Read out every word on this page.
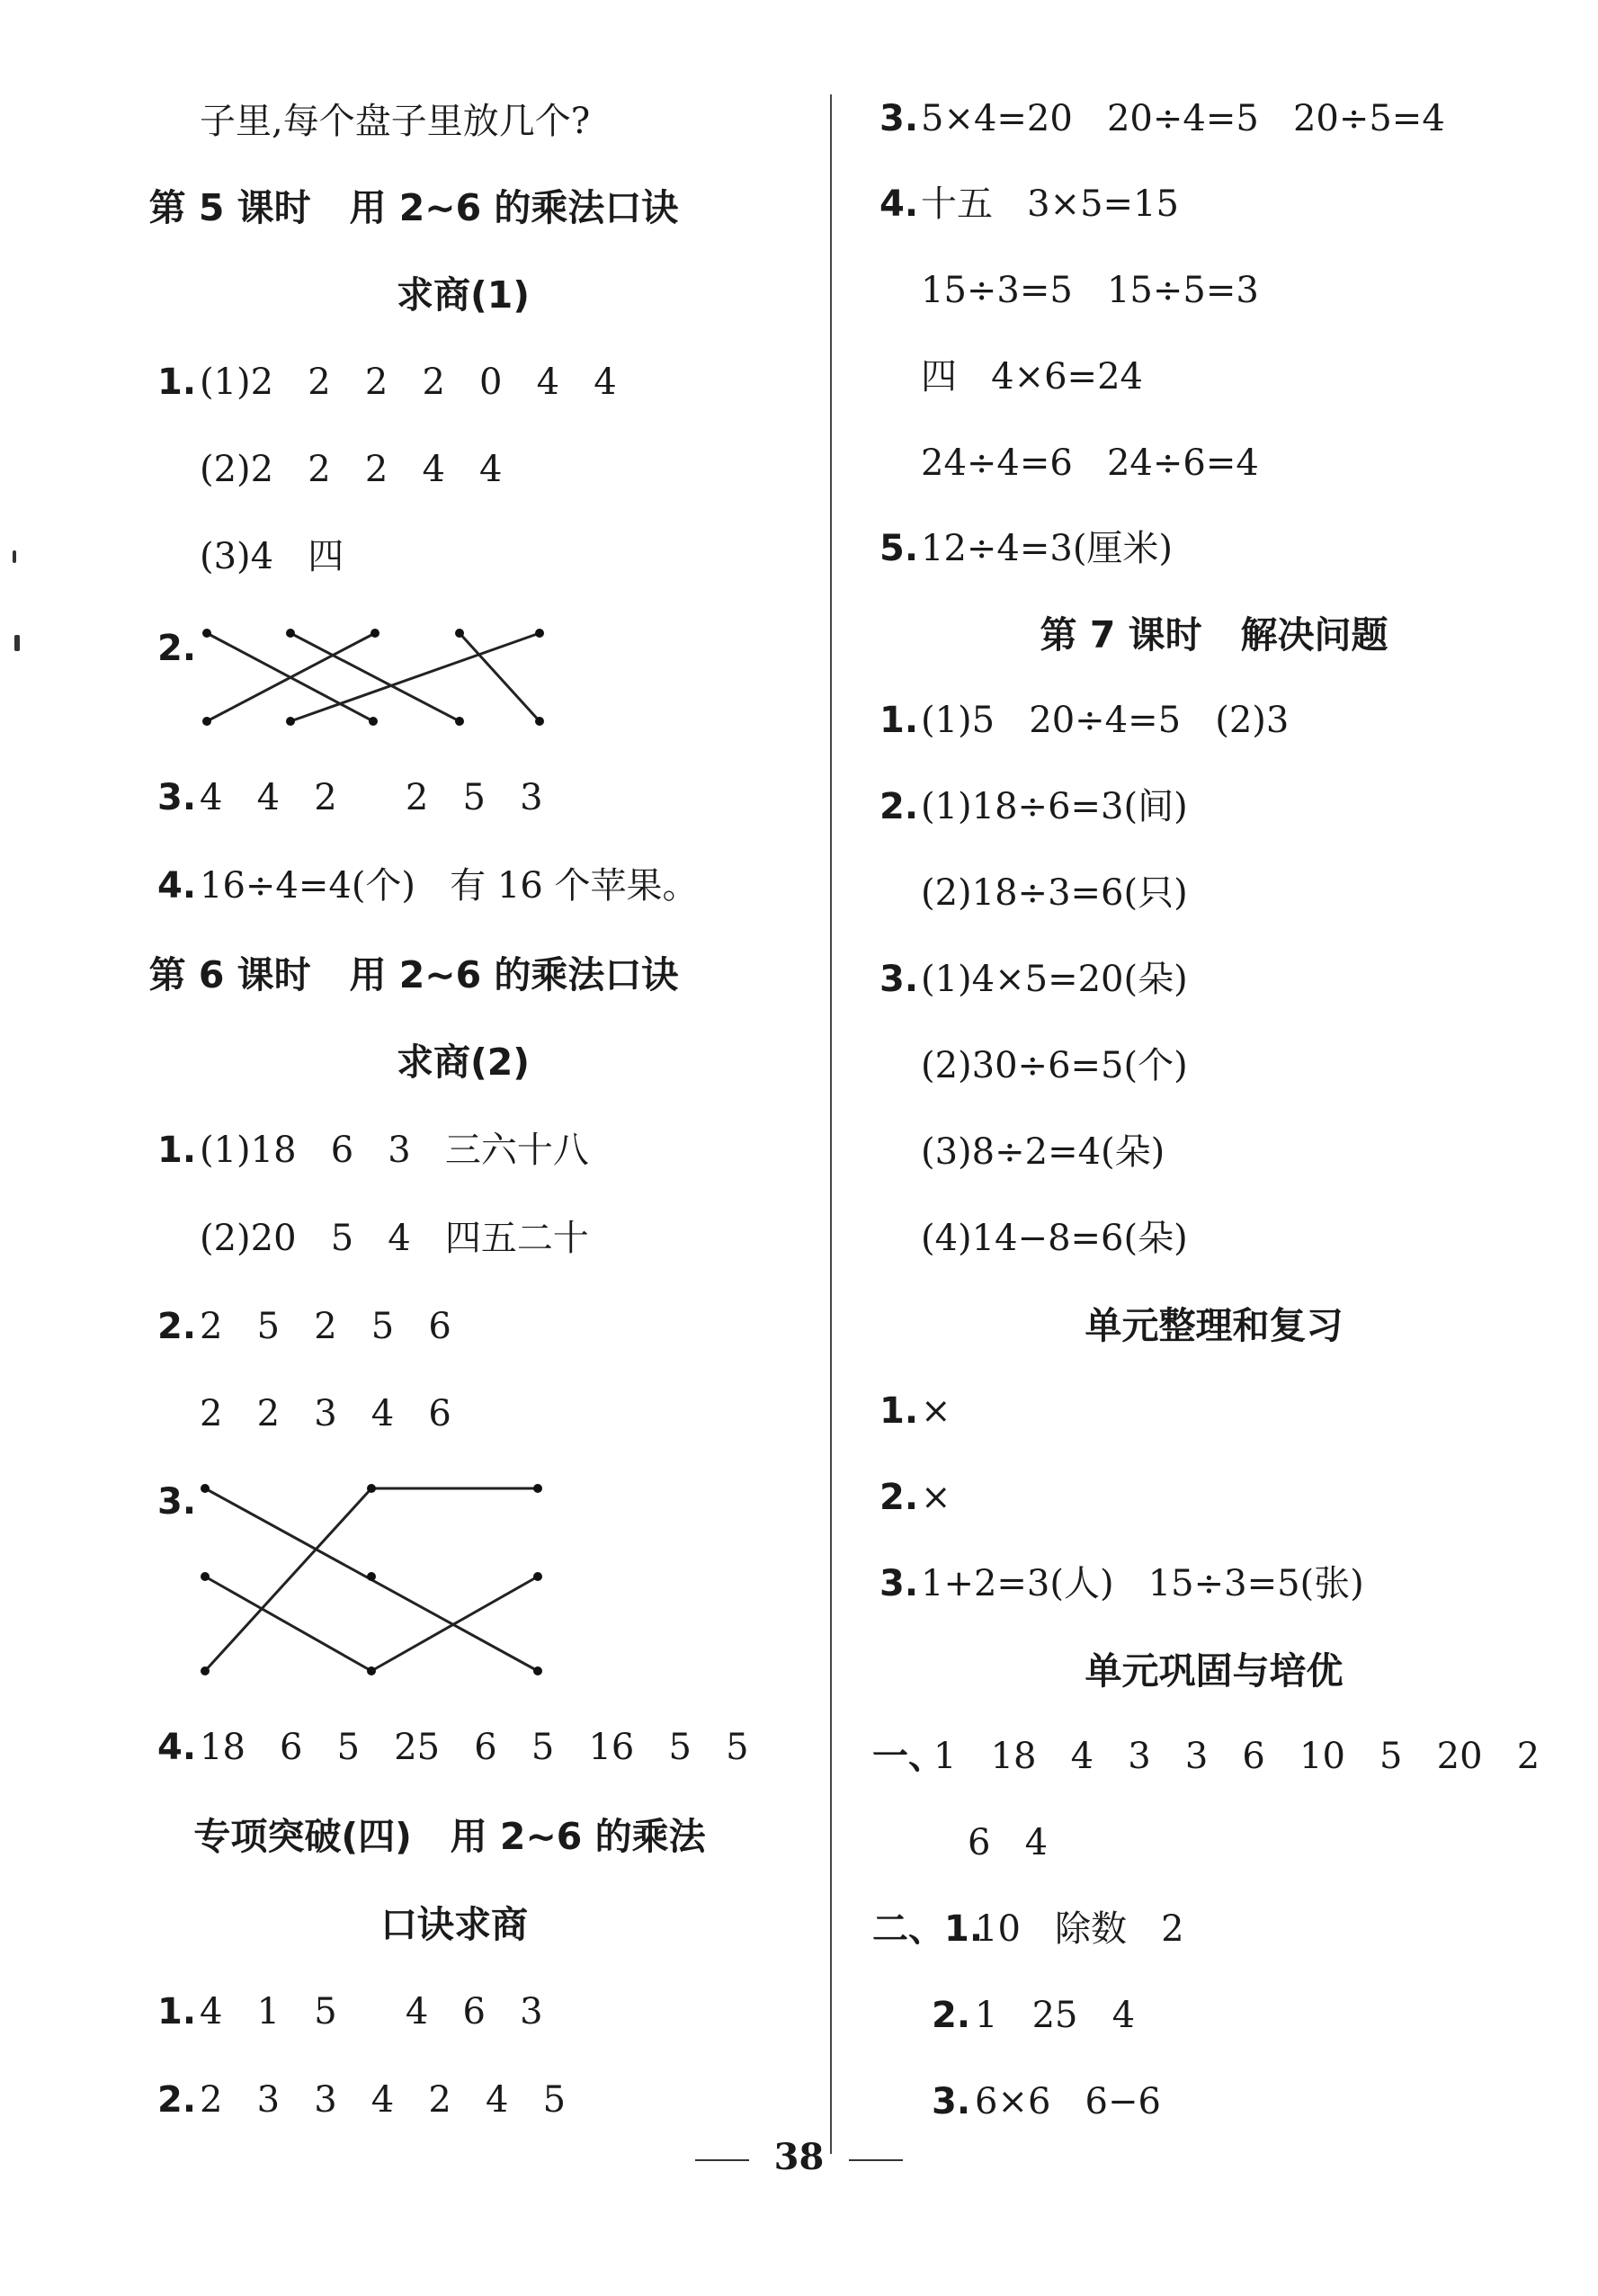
子里,每个盘子里放几个?
第 5 课时   用 2~6 的乘法口诀
求商(1)
1. (1)2   2   2   2   0   4   4
(2)2   2   2   4   4
(3)4   四
2.
3. 4   4   2      2   5   3
4. 16÷4=4(个)   有 16 个苹果。
第 6 课时   用 2~6 的乘法口诀
求商(2)
1. (1)18   6   3   三六十八
(2)20   5   4   四五二十
2. 2   5   2   5   6
2   2   3   4   6
3.
4. 18   6   5   25   6   5   16   5   5
专项突破(四)   用 2~6 的乘法
口诀求商
1. 4   1   5      4   6   3
2. 2   3   3   4   2   4   5
3. 5×4=20   20÷4=5   20÷5=4
4. 十五   3×5=15
15÷3=5   15÷5=3
四   4×6=24
24÷4=6   24÷6=4
5. 12÷4=3(厘米)
第 7 课时   解决问题
1. (1)5   20÷4=5   (2)3
2. (1)18÷6=3(间)
(2)18÷3=6(只)
3. (1)4×5=20(朵)
(2)30÷6=5(个)
(3)8÷2=4(朵)
(4)14−8=6(朵)
单元整理和复习
1. ×
2. ×
3. 1+2=3(人)   15÷3=5(张)
单元巩固与培优
一、
1   18   4   3   3   6   10   5   20   2
6   4
二、1.
10   除数   2
2. 1   25   4
3. 6×6   6−6
38
